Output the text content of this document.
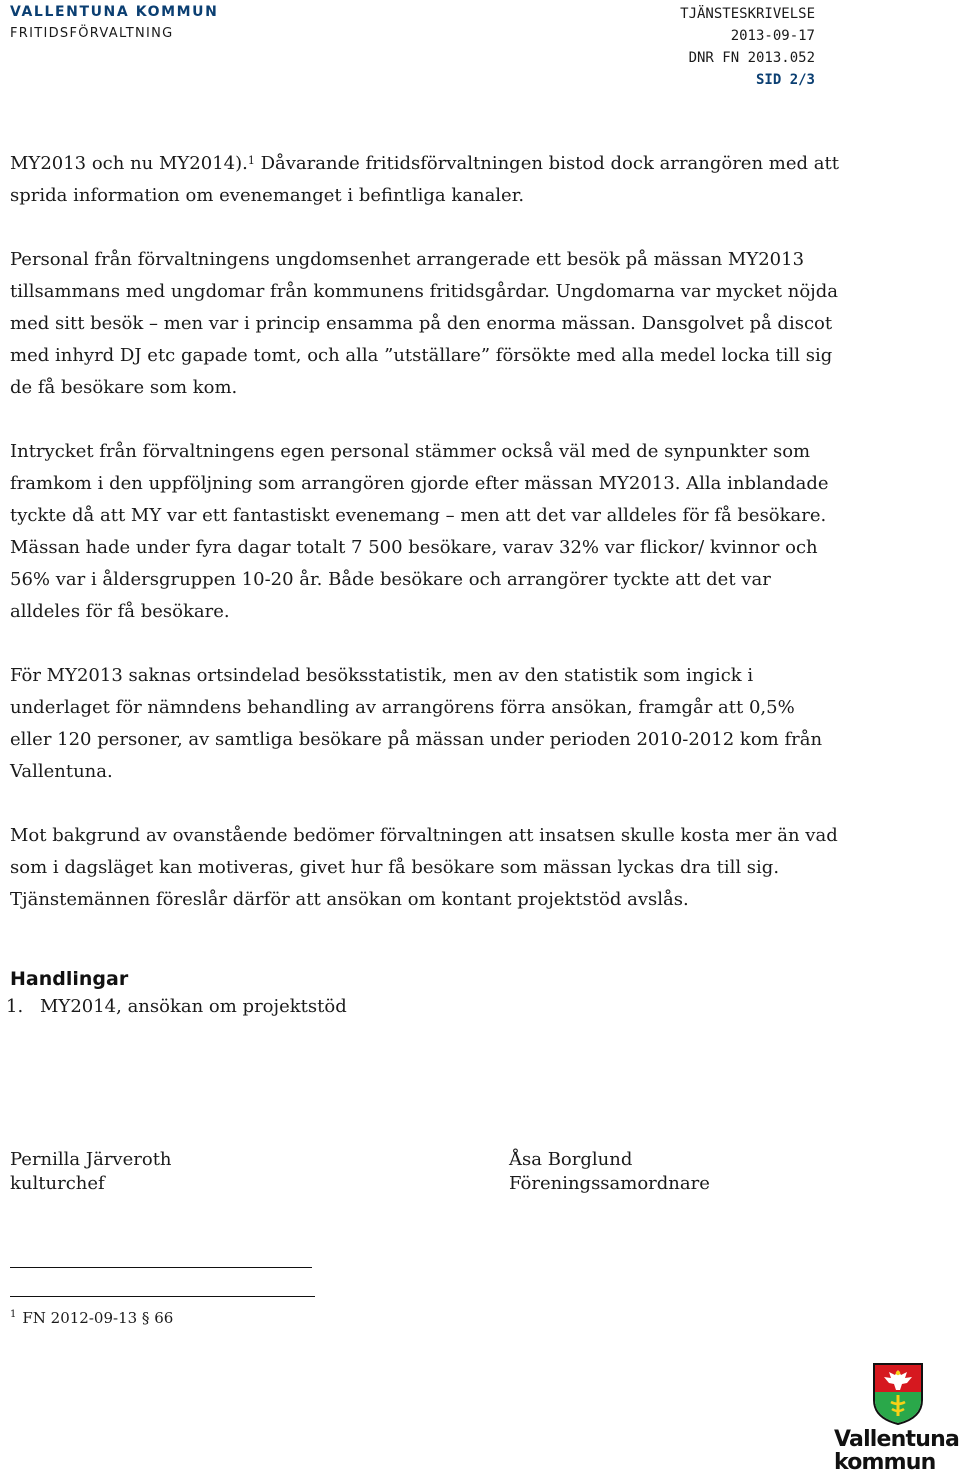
VALLENTUNA KOMMUN
FRITIDSFÖRVALTNING
TJÄNSTESKRIVELSE
2013-09-17
DNR FN 2013.052
SID 2/3

MY2013 och nu MY2014).$^1$ Dåvarande fritidsförvaltningen bistod dock arrangören med att sprida information om evenemanget i befintliga kanaler.

Personal från förvaltningens ungdomsenhet arrangerade ett besök på mässan MY2013 tillsammans med ungdomar från kommunens fritidsgårdar. Ungdomarna var mycket nöjda med sitt besök – men var i princip ensamma på den enorma mässan. Dansgolvet på discot med inhyrd DJ etc gapade tomt, och alla ”utställare” försökte med alla medel locka till sig de få besökare som kom.

Intrycket från förvaltningens egen personal stämmer också väl med de synpunkter som framkom i den uppföljning som arrangören gjorde efter mässan MY2013. Alla inblandade tyckte då att MY var ett fantastiskt evenemang – men att det var alldeles för få besökare. Mässan hade under fyra dagar totalt 7 500 besökare, varav 32% var flickor/ kvinnor och 56% var i åldersgruppen 10-20 år. Både besökare och arrangörer tyckte att det var alldeles för få besökare.

För MY2013 saknas ortsindelad besöksstatistik, men av den statistik som ingick i underlaget för nämndens behandling av arrangörens förra ansökan, framgår att 0,5% eller 120 personer, av samtliga besökare på mässan under perioden 2010-2012 kom från Vallentuna.

Mot bakgrund av ovanstående bedömer förvaltningen att insatsen skulle kosta mer än vad som i dagsläget kan motiveras, givet hur få besökare som mässan lyckas dra till sig. Tjänstemännen föreslår därför att ansökan om kontant projektstöd avslås.

Handlingar
1. MY2014, ansökan om projektstöd
Pernilla Järveroth
kulturchef
Åsa Borglund
Föreningssamordnare
$^1$ FN 2012-09-13 § 66
Vallentuna
kommun
